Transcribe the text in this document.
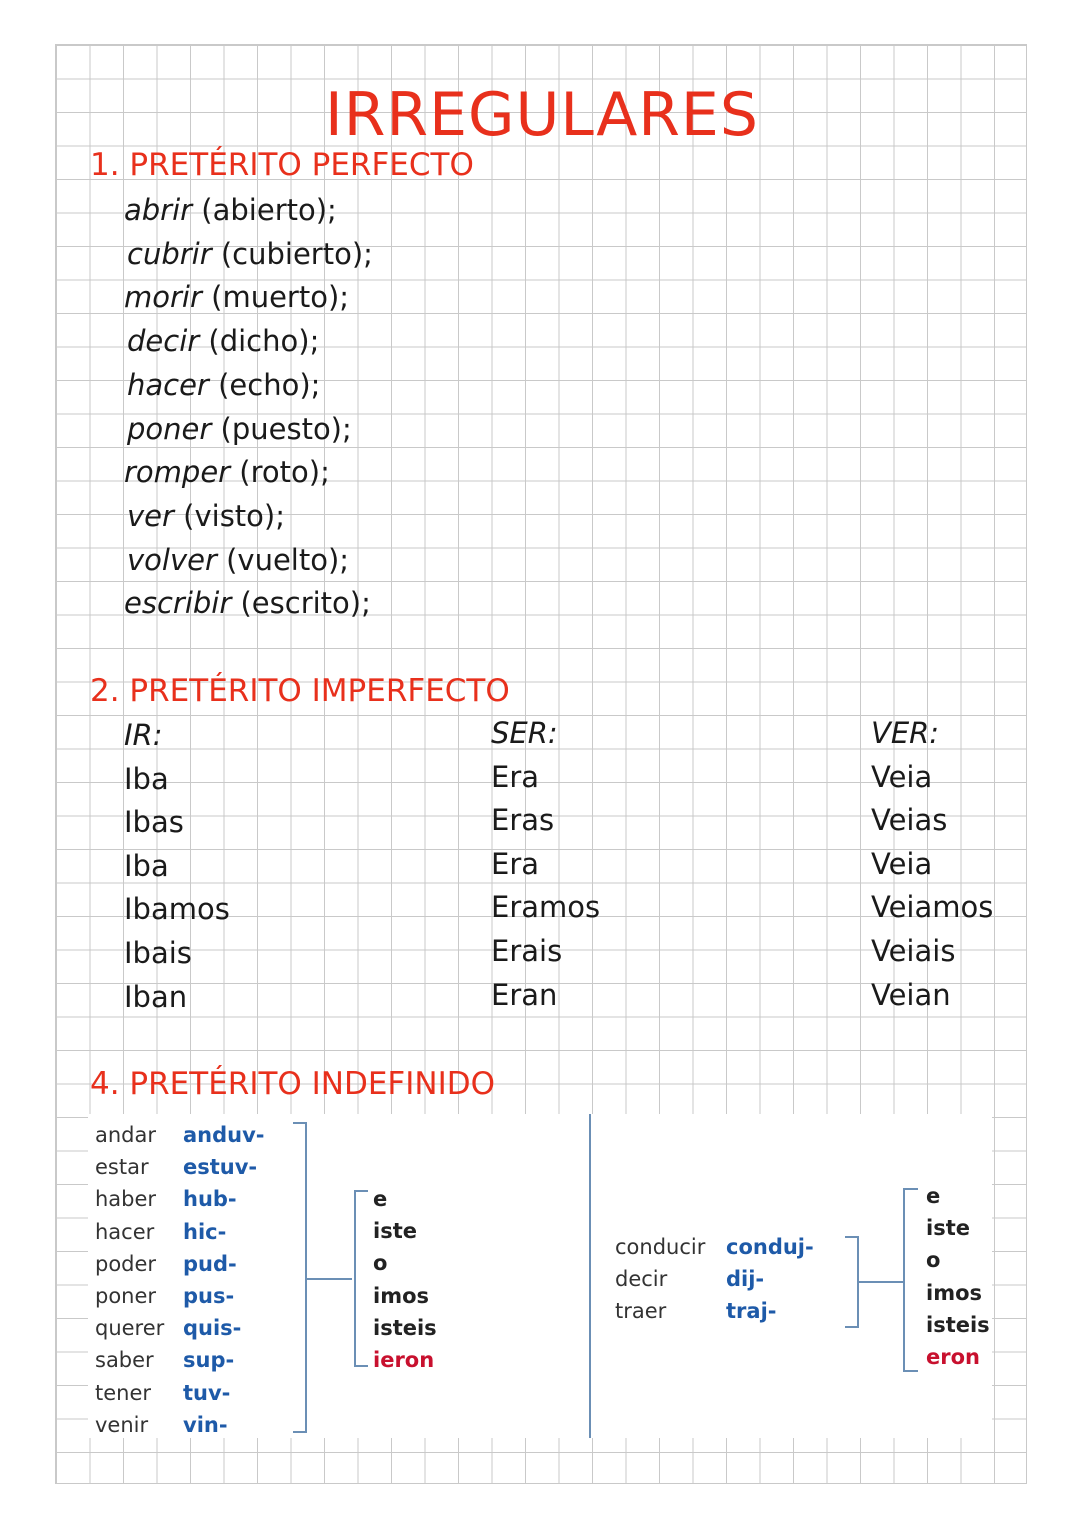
IRREGULARES
1. PRETÉRITO PERFECTO
abrir (abierto);
cubrir (cubierto);
morir (muerto);
decir (dicho);
hacer (echo);
poner (puesto);
romper (roto);
ver (visto);
volver (vuelto);
escribir (escrito);
2. PRETÉRITO IMPERFECTO
IR:
Iba
Ibas
Iba
Ibamos
Ibais
Iban
SER:
Era
Eras
Era
Eramos
Erais
Eran
VER:
Veia
Veias
Veia
Veiamos
Veiais
Veian
4. PRETÉRITO INDEFINIDO
andar
estar
haber
hacer
poder
poner
querer
saber
tener
venir
anduv-
estuv-
hub-
hic-
pud-
pus-
quis-
sup-
tuv-
vin-
e
iste
o
imos
isteis
ieron
conducir
decir
traer
conduj-
dij-
traj-
e
iste
o
imos
isteis
eron
